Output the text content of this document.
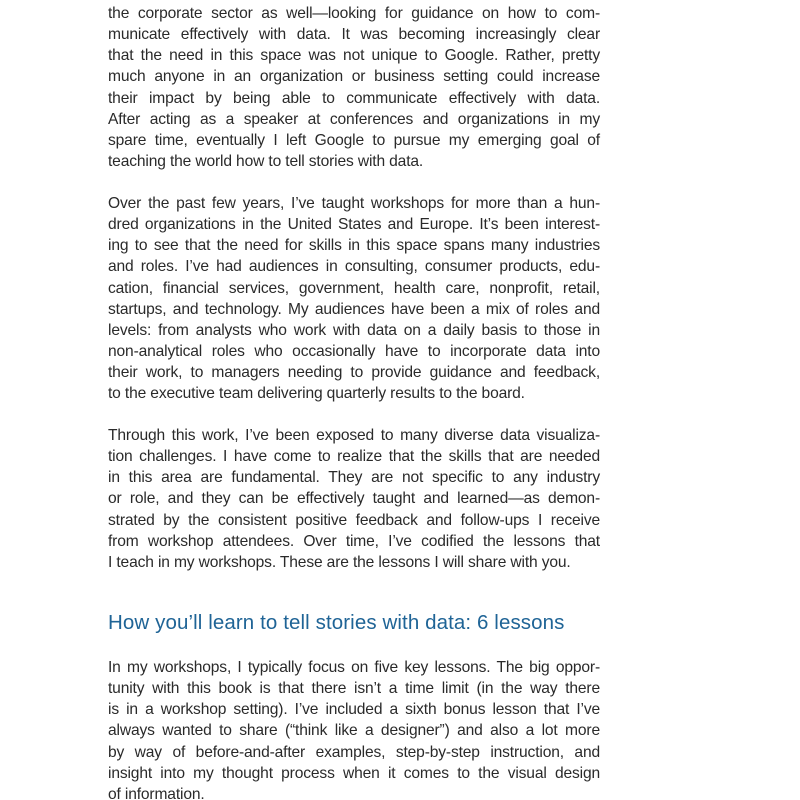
the corporate sector as well—looking for guidance on how to com-
municate effectively with data. It was becoming increasingly clear
that the need in this space was not unique to Google. Rather, pretty
much anyone in an organization or business setting could increase
their impact by being able to communicate effectively with data.
After acting as a speaker at conferences and organizations in my
spare time, eventually I left Google to pursue my emerging goal of
teaching the world how to tell stories with data.
Over the past few years, I’ve taught workshops for more than a hun-
dred organizations in the United States and Europe. It’s been interest-
ing to see that the need for skills in this space spans many industries
and roles. I’ve had audiences in consulting, consumer products, edu-
cation, financial services, government, health care, nonprofit, retail,
startups, and technology. My audiences have been a mix of roles and
levels: from analysts who work with data on a daily basis to those in
non-analytical roles who occasionally have to incorporate data into
their work, to managers needing to provide guidance and feedback,
to the executive team delivering quarterly results to the board.
Through this work, I’ve been exposed to many diverse data visualiza-
tion challenges. I have come to realize that the skills that are needed
in this area are fundamental. They are not specific to any industry
or role, and they can be effectively taught and learned—as demon-
strated by the consistent positive feedback and follow-ups I receive
from workshop attendees. Over time, I’ve codified the lessons that
I teach in my workshops. These are the lessons I will share with you.
How you’ll learn to tell stories with data: 6 lessons
In my workshops, I typically focus on five key lessons. The big oppor-
tunity with this book is that there isn’t a time limit (in the way there
is in a workshop setting). I’ve included a sixth bonus lesson that I’ve
always wanted to share (“think like a designer”) and also a lot more
by way of before-and-after examples, step-by-step instruction, and
insight into my thought process when it comes to the visual design
of information.
